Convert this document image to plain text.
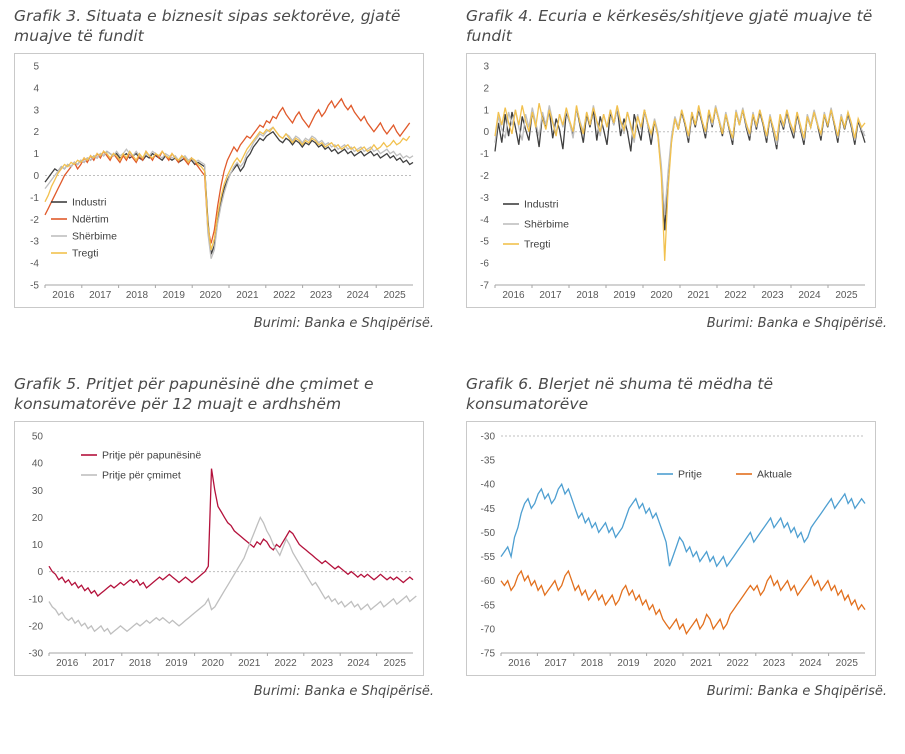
Grafik 3. Situata e biznesit sipas sektorëve, gjatë muajve të fundit

-5
-4
-3
-2
-1
0
1
2
3
4
5
2016 2017 2018 2019 2020 2021 2022 2023 2024 2025
Industri
Ndërtim
Shërbime
Tregti
Burimi: Banka e Shqipërisë.

Grafik 4. Ecuria e kërkesës/shitjeve gjatë muajve të fundit

-7
-6
-5
-4
-3
-2
-1
0
1
2
3
2016 2017 2018 2019 2020 2021 2022 2023 2024 2025
Industri
Shërbime
Tregti
Burimi: Banka e Shqipërisë.

Grafik 5. Pritjet për papunësinë dhe çmimet e konsumatorëve për 12 muajt e ardhshëm

-30
-20
-10
0
10
20
30
40
50
2016 2017 2018 2019 2020 2021 2022 2023 2024 2025
Pritje për papunësinë
Pritje për çmimet
Burimi: Banka e Shqipërisë.

Grafik 6. Blerjet në shuma të mëdha të konsumatorëve

-75
-70
-65
-60
-55
-50
-45
-40
-35
-30
2016 2017 2018 2019 2020 2021 2022 2023 2024 2025
Pritje	Aktuale
Burimi: Banka e Shqipërisë.
